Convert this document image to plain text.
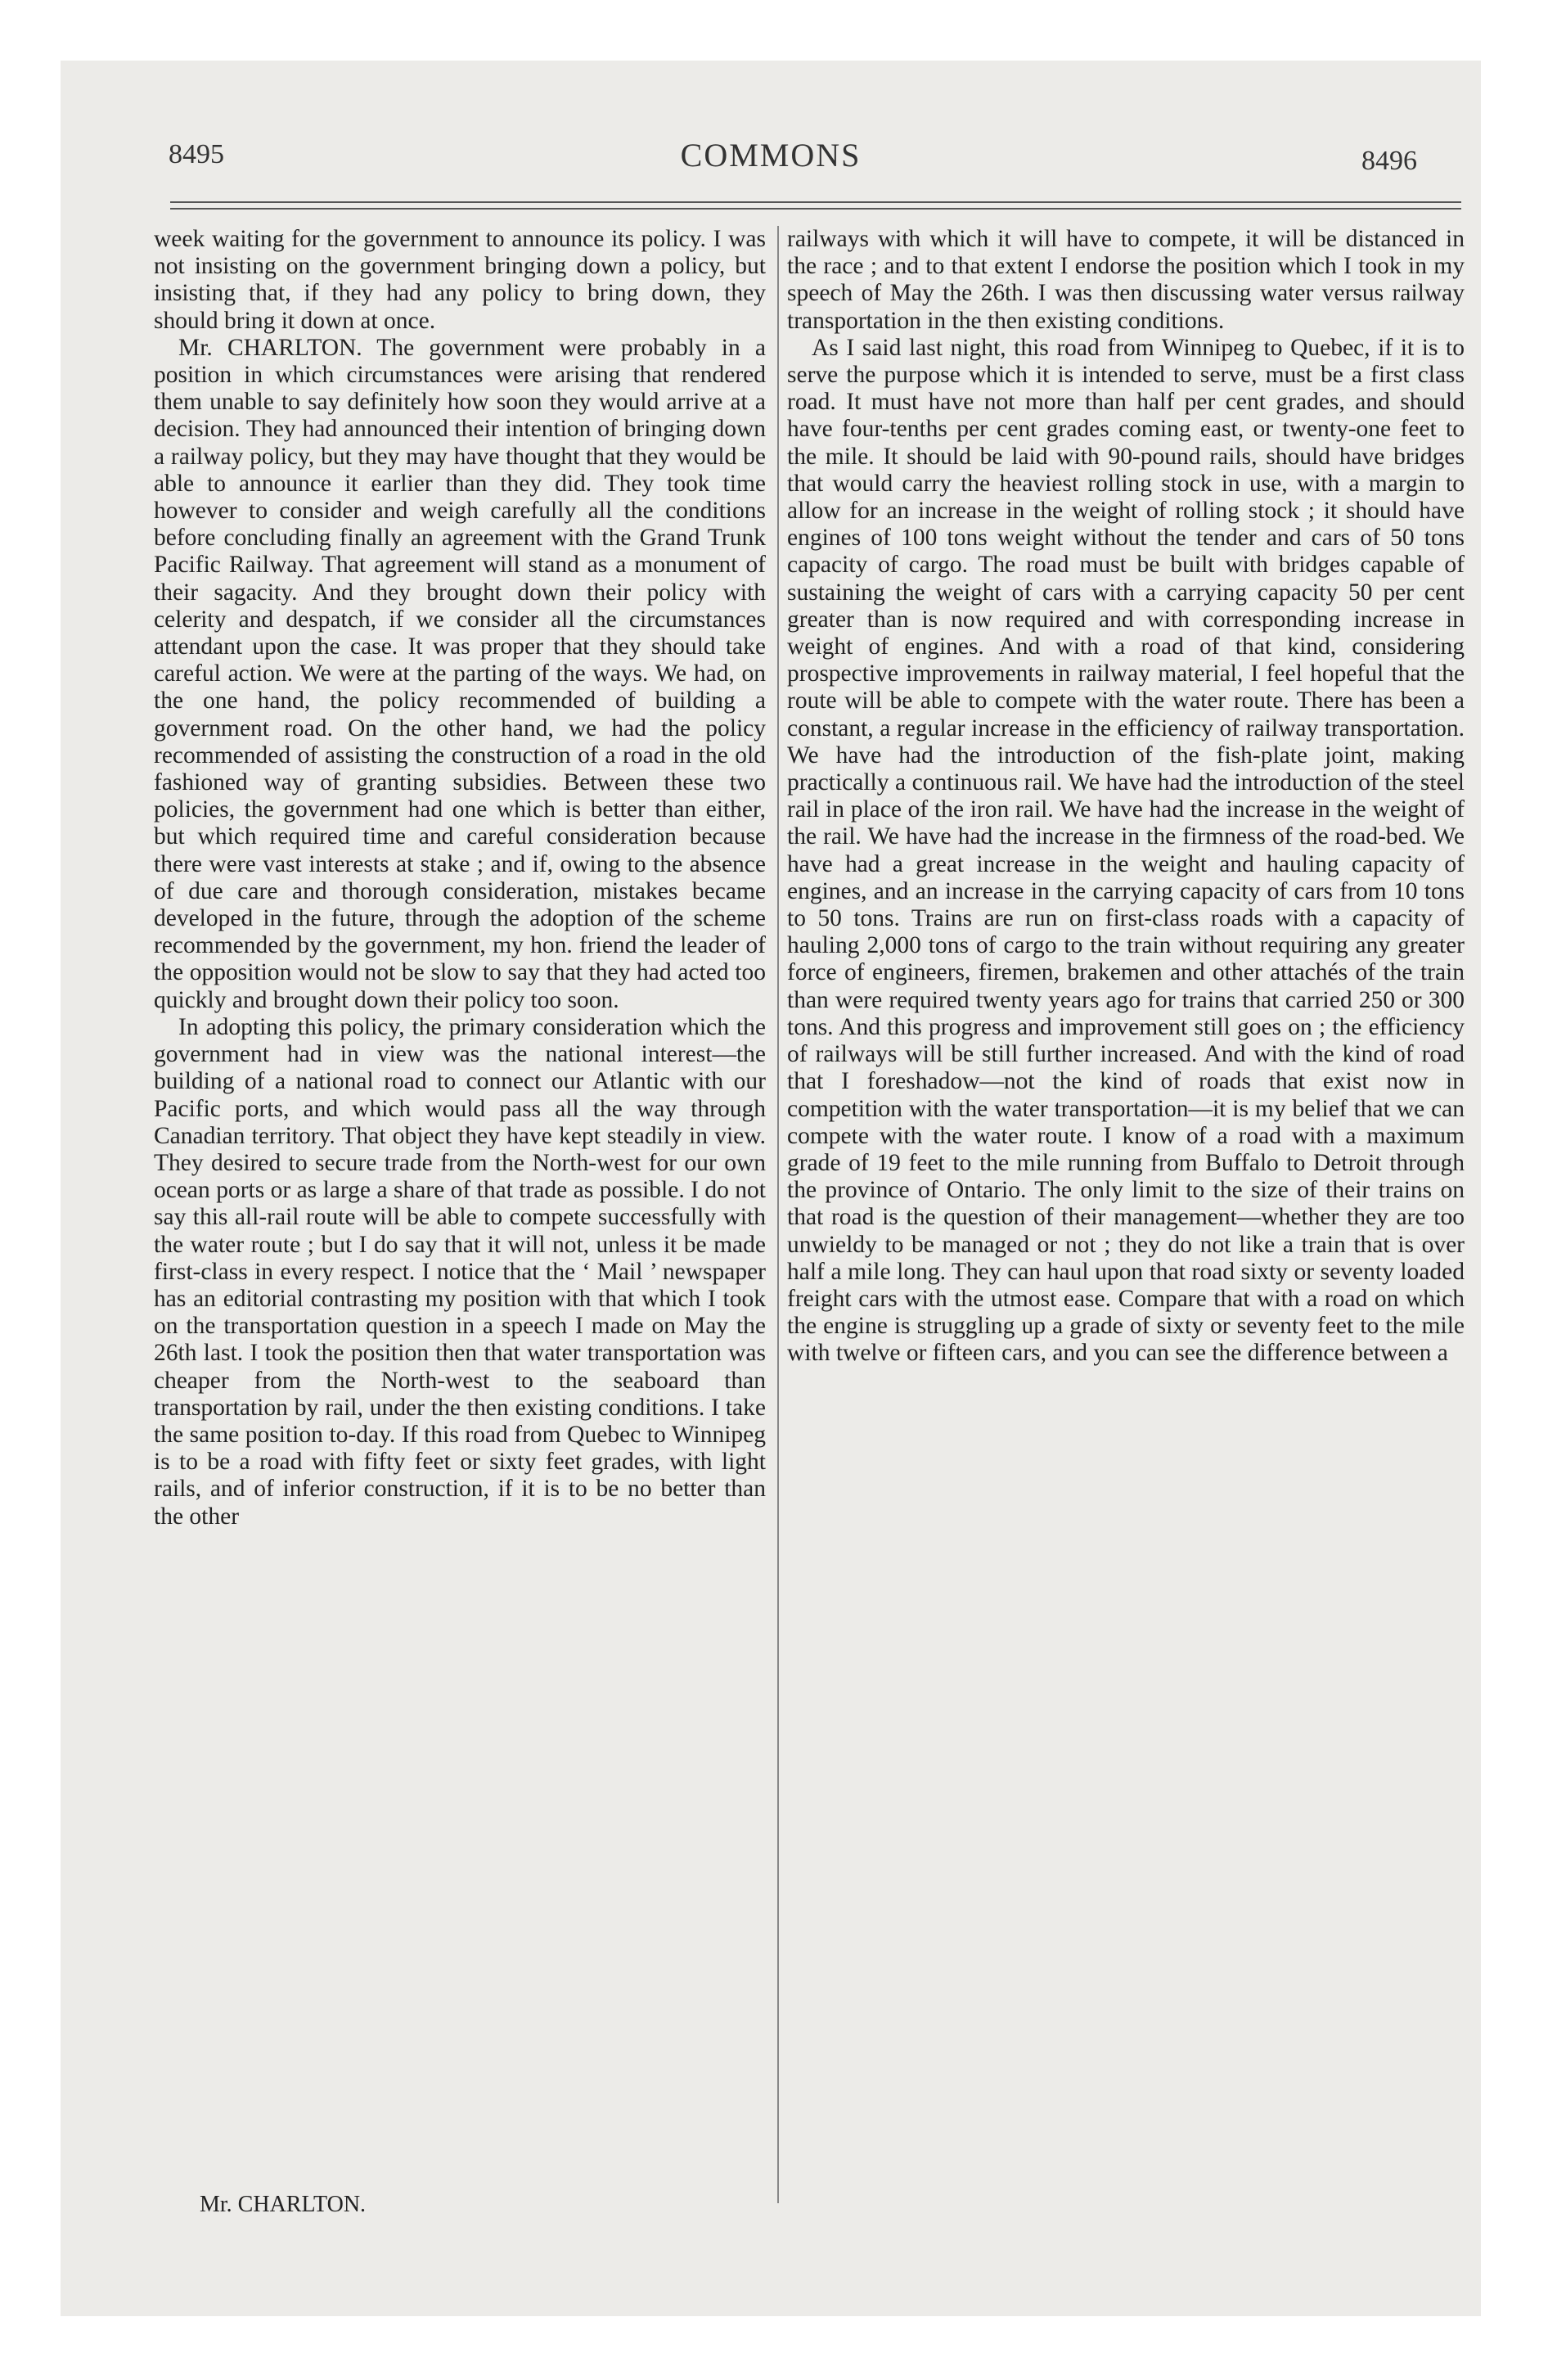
8495	COMMONS	8496

week waiting for the government to announce its policy. I was not insisting on the government bringing down a policy, but insisting that, if they had any policy to bring down, they should bring it down at once.

Mr. CHARLTON. The government were probably in a position in which circumstances were arising that rendered them unable to say definitely how soon they would arrive at a decision. They had announced their intention of bringing down a railway policy, but they may have thought that they would be able to announce it earlier than they did. They took time however to consider and weigh carefully all the conditions before concluding finally an agreement with the Grand Trunk Pacific Railway. That agreement will stand as a monument of their sagacity. And they brought down their policy with celerity and despatch, if we consider all the circumstances attendant upon the case. It was proper that they should take careful action. We were at the parting of the ways. We had, on the one hand, the policy recommended of building a government road. On the other hand, we had the policy recommended of assisting the construction of a road in the old fashioned way of granting subsidies. Between these two policies, the government had one which is better than either, but which required time and careful consideration because there were vast interests at stake ; and if, owing to the absence of due care and thorough consideration, mistakes became developed in the future, through the adoption of the scheme recommended by the government, my hon. friend the leader of the opposition would not be slow to say that they had acted too quickly and brought down their policy too soon.

In adopting this policy, the primary consideration which the government had in view was the national interest—the building of a national road to connect our Atlantic with our Pacific ports, and which would pass all the way through Canadian territory. That object they have kept steadily in view. They desired to secure trade from the North-west for our own ocean ports or as large a share of that trade as possible. I do not say this all-rail route will be able to compete successfully with the water route ; but I do say that it will not, unless it be made first-class in every respect. I notice that the ‘ Mail ’ newspaper has an editorial contrasting my position with that which I took on the transportation question in a speech I made on May the 26th last. I took the position then that water transportation was cheaper from the North-west to the seaboard than transportation by rail, under the then existing conditions. I take the same position to-day. If this road from Quebec to Winnipeg is to be a road with fifty feet or sixty feet grades, with light rails, and of inferior construction, if it is to be no better than the other

railways with which it will have to compete, it will be distanced in the race ; and to that extent I endorse the position which I took in my speech of May the 26th. I was then discussing water versus railway transportation in the then existing conditions.

As I said last night, this road from Winnipeg to Quebec, if it is to serve the purpose which it is intended to serve, must be a first class road. It must have not more than half per cent grades, and should have four-tenths per cent grades coming east, or twenty-one feet to the mile. It should be laid with 90-pound rails, should have bridges that would carry the heaviest rolling stock in use, with a margin to allow for an increase in the weight of rolling stock ; it should have engines of 100 tons weight without the tender and cars of 50 tons capacity of cargo. The road must be built with bridges capable of sustaining the weight of cars with a carrying capacity 50 per cent greater than is now required and with corresponding increase in weight of engines. And with a road of that kind, considering prospective improvements in railway material, I feel hopeful that the route will be able to compete with the water route. There has been a constant, a regular increase in the efficiency of railway transportation. We have had the introduction of the fish-plate joint, making practically a continuous rail. We have had the introduction of the steel rail in place of the iron rail. We have had the increase in the weight of the rail. We have had the increase in the firmness of the road-bed. We have had a great increase in the weight and hauling capacity of engines, and an increase in the carrying capacity of cars from 10 tons to 50 tons. Trains are run on first-class roads with a capacity of hauling 2,000 tons of cargo to the train without requiring any greater force of engineers, firemen, brakemen and other attachés of the train than were required twenty years ago for trains that carried 250 or 300 tons. And this progress and improvement still goes on ; the efficiency of railways will be still further increased. And with the kind of road that I foreshadow—not the kind of roads that exist now in competition with the water transportation—it is my belief that we can compete with the water route. I know of a road with a maximum grade of 19 feet to the mile running from Buffalo to Detroit through the province of Ontario. The only limit to the size of their trains on that road is the question of their management—whether they are too unwieldy to be managed or not ; they do not like a train that is over half a mile long. They can haul upon that road sixty or seventy loaded freight cars with the utmost ease. Compare that with a road on which the engine is struggling up a grade of sixty or seventy feet to the mile with twelve or fifteen cars, and you can see the difference between a

Mr. CHARLTON.
